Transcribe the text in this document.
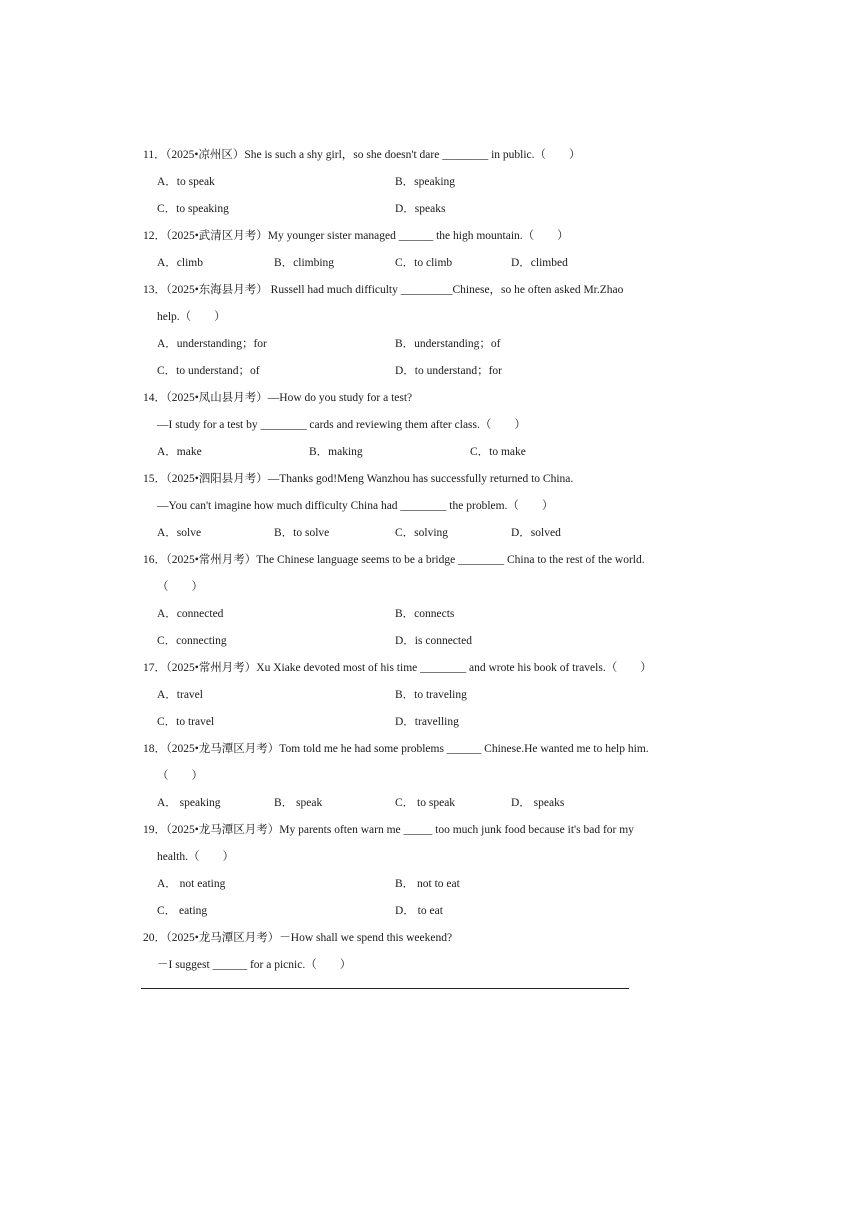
11．（2025•凉州区）She is such a shy girl，so she doesn't dare ________ in public.（　　）
A．to speak	B．speaking
C．to speaking	D．speaks
12．（2025•武清区月考）My younger sister managed ______ the high mountain.（　　）
A．climb	B．climbing	C．to climb	D．climbed
13．（2025•东海县月考） Russell had much difficulty _________Chinese，so he often asked Mr.Zhao
help.（　　）
A．understanding；for	B．understanding；of
C．to understand；of	D．to understand；for
14．（2025•凤山县月考）—How do you study for a test?
—I study for a test by ________ cards and reviewing them after class.（　　）
A．make	B．making	C．to make
15．（2025•泗阳县月考）—Thanks god!Meng Wanzhou has successfully returned to China.
—You can't imagine how much difficulty China had ________ the problem.（　　）
A．solve	B．to solve	C．solving	D．solved
16．（2025•常州月考）The Chinese language seems to be a bridge ________ China to the rest of the world.
（　　）
A．connected	B．connects
C．connecting	D．is connected
17．（2025•常州月考）Xu Xiake devoted most of his time ________ and wrote his book of travels.（　　）
A．travel	B．to traveling
C．to travel	D．travelling
18．（2025•龙马潭区月考）Tom told me he had some problems ______ Chinese.He wanted me to help him.
（　　）
A． speaking	B． speak	C． to speak	D． speaks
19．（2025•龙马潭区月考）My parents often warn me _____ too much junk food because it's bad for my
health.（　　）
A． not eating	B． not to eat
C． eating	D． to eat
20．（2025•龙马潭区月考）－How shall we spend this weekend?
－I suggest ______ for a picnic.（　　）
